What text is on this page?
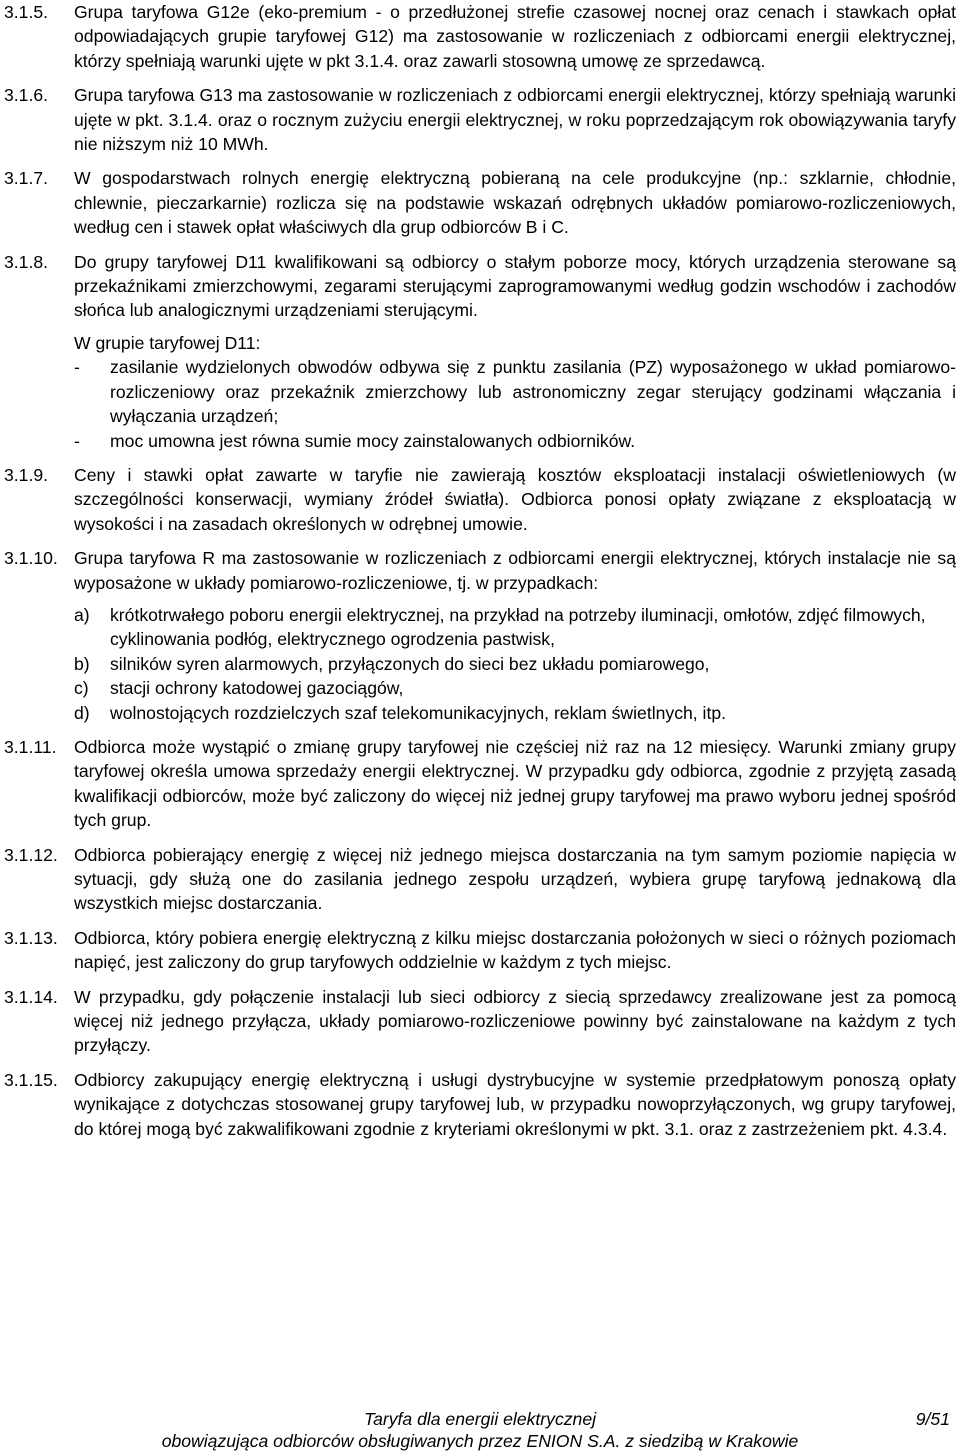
3.1.5. Grupa taryfowa G12e (eko-premium - o przedłużonej strefie czasowej nocnej oraz cenach i stawkach opłat odpowiadających grupie taryfowej G12) ma zastosowanie w rozliczeniach z odbiorcami energii elektrycznej, którzy spełniają warunki ujęte w pkt 3.1.4. oraz zawarli stosowną umowę ze sprzedawcą.

3.1.6. Grupa taryfowa G13 ma zastosowanie w rozliczeniach z odbiorcami energii elektrycznej, którzy spełniają warunki ujęte w pkt. 3.1.4. oraz o rocznym zużyciu energii elektrycznej, w roku poprzedzającym rok obowiązywania taryfy nie niższym niż 10 MWh.

3.1.7. W gospodarstwach rolnych energię elektryczną pobieraną na cele produkcyjne (np.: szklarnie, chłodnie, chlewnie, pieczarkarnie) rozlicza się na podstawie wskazań odrębnych układów pomiarowo-rozliczeniowych, według cen i stawek opłat właściwych dla grup odbiorców B i C.

3.1.8. Do grupy taryfowej D11 kwalifikowani są odbiorcy o stałym poborze mocy, których urządzenia sterowane są przekaźnikami zmierzchowymi, zegarami sterującymi zaprogramowanymi według godzin wschodów i zachodów słońca lub analogicznymi urządzeniami sterującymi.

W grupie taryfowej D11:

- zasilanie wydzielonych obwodów odbywa się z punktu zasilania (PZ) wyposażonego w układ pomiarowo-rozliczeniowy oraz przekaźnik zmierzchowy lub astronomiczny zegar sterujący godzinami włączania i wyłączania urządzeń;
- moc umowna jest równa sumie mocy zainstalowanych odbiorników.
3.1.9. Ceny i stawki opłat zawarte w taryfie nie zawierają kosztów eksploatacji instalacji oświetleniowych (w szczególności konserwacji, wymiany źródeł światła). Odbiorca ponosi opłaty związane z eksploatacją w wysokości i na zasadach określonych w odrębnej umowie.

3.1.10. Grupa taryfowa R ma zastosowanie w rozliczeniach z odbiorcami energii elektrycznej, których instalacje nie są wyposażone w układy pomiarowo-rozliczeniowe, tj. w przypadkach:

a) krótkotrwałego poboru energii elektrycznej, na przykład na potrzeby iluminacji, omłotów, zdjęć filmowych, cyklinowania podłóg, elektrycznego ogrodzenia pastwisk,
b) silników syren alarmowych, przyłączonych do sieci bez układu pomiarowego,
c) stacji ochrony katodowej gazociągów,
d) wolnostojących rozdzielczych szaf telekomunikacyjnych, reklam świetlnych, itp.
3.1.11. Odbiorca może wystąpić o zmianę grupy taryfowej nie częściej niż raz na 12 miesięcy. Warunki zmiany grupy taryfowej określa umowa sprzedaży energii elektrycznej. W przypadku gdy odbiorca, zgodnie z przyjętą zasadą kwalifikacji odbiorców, może być zaliczony do więcej niż jednej grupy taryfowej ma prawo wyboru jednej spośród tych grup.

3.1.12. Odbiorca pobierający energię z więcej niż jednego miejsca dostarczania na tym samym poziomie napięcia w sytuacji, gdy służą one do zasilania jednego zespołu urządzeń, wybiera grupę taryfową jednakową dla wszystkich miejsc dostarczania.

3.1.13. Odbiorca, który pobiera energię elektryczną z kilku miejsc dostarczania położonych w sieci o różnych poziomach napięć, jest zaliczony do grup taryfowych oddzielnie w każdym z tych miejsc.

3.1.14. W przypadku, gdy połączenie instalacji lub sieci odbiorcy z siecią sprzedawcy zrealizowane jest za pomocą więcej niż jednego przyłącza, układy pomiarowo-rozliczeniowe powinny być zainstalowane na każdym z tych przyłączy.

3.1.15. Odbiorcy zakupujący energię elektryczną i usługi dystrybucyjne w systemie przedpłatowym ponoszą opłaty wynikające z dotychczas stosowanej grupy taryfowej lub, w przypadku nowoprzyłączonych, wg grupy taryfowej, do której mogą być zakwalifikowani zgodnie z kryteriami określonymi w pkt. 3.1. oraz z zastrzeżeniem pkt. 4.3.4.

Taryfa dla energii elektrycznej
obowiązująca odbiorców obsługiwanych przez ENION S.A. z siedzibą w Krakowie
9/51
